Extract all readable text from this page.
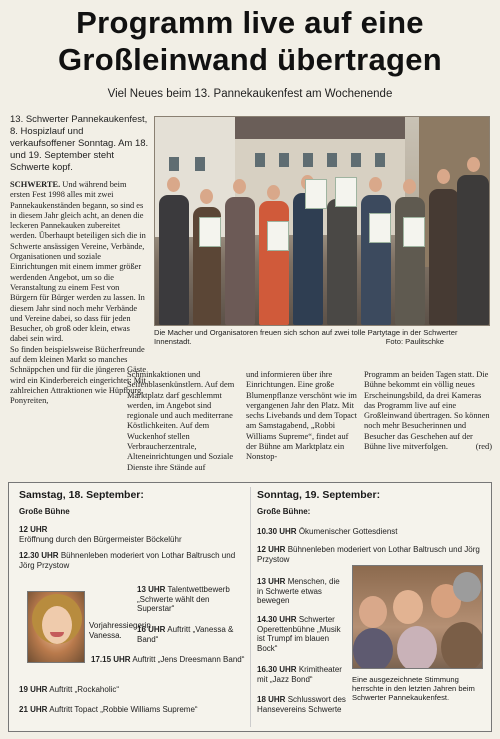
Programm live auf eine
Großleinwand übertragen
Viel Neues beim 13. Pannekaukenfest am Wochenende
13. Schwerter Pannekaukenfest, 8. Hospizlauf und verkaufsoffener Sonntag. Am 18. und 19. September steht Schwerte kopf.
SCHWERTE. Und während beim ersten Fest 1998 alles mit zwei Pannekaukenständen begann, so sind es in diesem Jahr gleich acht, an denen die leckeren Pannekauken zubereitet werden. Überhaupt beteiligen sich die in Schwerte ansässigen Vereine, Verbände, Organisationen und soziale Einrichtungen mit einem immer größer werdenden Angebot, um so die Veranstaltung zu einem Fest von Bürgern für Bürger werden zu lassen. In diesem Jahr sind noch mehr Verbände und Vereine dabei, so dass für jeden Besucher, ob groß oder klein, etwas dabei sein wird.
So finden beispielsweise Bücherfreunde auf dem kleinen Markt so manches Schnäppchen und für die jüngeren Gäste wird ein Kinderbereich eingerichtet: Mit zahlreichen Attraktionen wie Hüpfburg, Ponyreiten,
Die Macher und Organisatoren freuen sich schon auf zwei tolle Partytage in der Schwerter Innenstadt.	Foto: Paulitschke
Schminkaktionen und Seifenblasenkünstlern. Auf dem Marktplatz darf geschlemmt werden, im Angebot sind regionale und auch mediterrane Köstlichkeiten. Auf dem Wuckenhof stellen Verbraucherzentrale, Alteneinrichtungen und Soziale Dienste ihre Stände auf
und informieren über ihre Einrichtungen. Eine große Blumenpflanze verschönt wie im vergangenen Jahr den Platz. Mit sechs Livebands und dem Topact am Samstagabend, „Robbi Williams Supreme“, findet auf der Bühne am Marktplatz ein Nonstop-
Programm an beiden Tagen statt. Die Bühne bekommt ein völlig neues Erscheinungsbild, da drei Kameras das Programm live auf eine Großleinwand übertragen. So können noch mehr Besucherinnen und Besucher das Geschehen auf der Bühne live mitverfolgen.	(red)
Samstag, 18. September:
Große Bühne
12 UHR
Eröffnung durch den Bürgermeister Böckelühr
12.30 UHR Bühnenleben moderiert von Lothar Baltrusch und Jörg Przystow
Vorjahressiegerin Vanessa.
13 UHR Talentwettbewerb „Schwerte wählt den Superstar“
16 UHR Auftritt „Vanessa & Band“
17.15 UHR Auftritt „Jens Dreesmann Band“
19 UHR Auftritt „Rockaholic“
21 UHR Auftritt Topact „Robbie Williams Supreme“
Sonntag, 19. September:
Große Bühne:
10.30 UHR Ökumenischer Gottesdienst
12 UHR Bühnenleben moderiert von Lothar Baltrusch und Jörg Przystow
13 UHR Menschen, die in Schwerte etwas bewegen
14.30 UHR Schwerter Operettenbühne „Musik ist Trumpf im blauen Bock“
16.30 UHR Krimitheater mit „Jazz Bond“
18 UHR Schlusswort des Hansevereins Schwerte
Eine ausgezeichnete Stimmung herrschte in den letzten Jahren beim Schwerter Pannekaukenfest.
